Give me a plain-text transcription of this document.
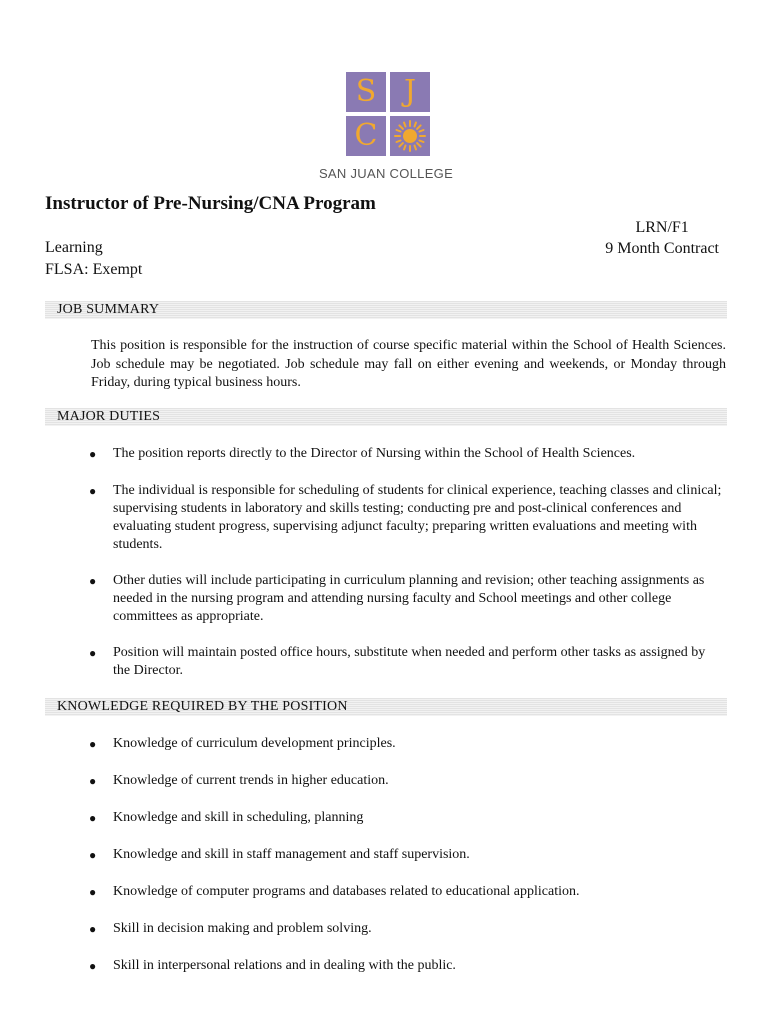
S J
C
SAN JUAN COLLEGE
Instructor of Pre-Nursing/CNA Program
LRN/F1
9 Month Contract
Learning
FLSA: Exempt
JOB SUMMARY
This position is responsible for the instruction of course specific material within the School of Health Sciences. Job schedule may be negotiated. Job schedule may fall on either evening and weekends, or Monday through Friday, during typical business hours.
MAJOR DUTIES
● The position reports directly to the Director of Nursing within the School of Health Sciences.
● The individual is responsible for scheduling of students for clinical experience, teaching classes and clinical; supervising students in laboratory and skills testing; conducting pre and post-clinical conferences and evaluating student progress, supervising adjunct faculty; preparing written evaluations and meeting with students.
● Other duties will include participating in curriculum planning and revision; other teaching assignments as needed in the nursing program and attending nursing faculty and School meetings and other college committees as appropriate.
● Position will maintain posted office hours, substitute when needed and perform other tasks as assigned by the Director.
KNOWLEDGE REQUIRED BY THE POSITION
● Knowledge of curriculum development principles.
● Knowledge of current trends in higher education.
● Knowledge and skill in scheduling, planning
● Knowledge and skill in staff management and staff supervision.
● Knowledge of computer programs and databases related to educational application.
● Skill in decision making and problem solving.
● Skill in interpersonal relations and in dealing with the public.
